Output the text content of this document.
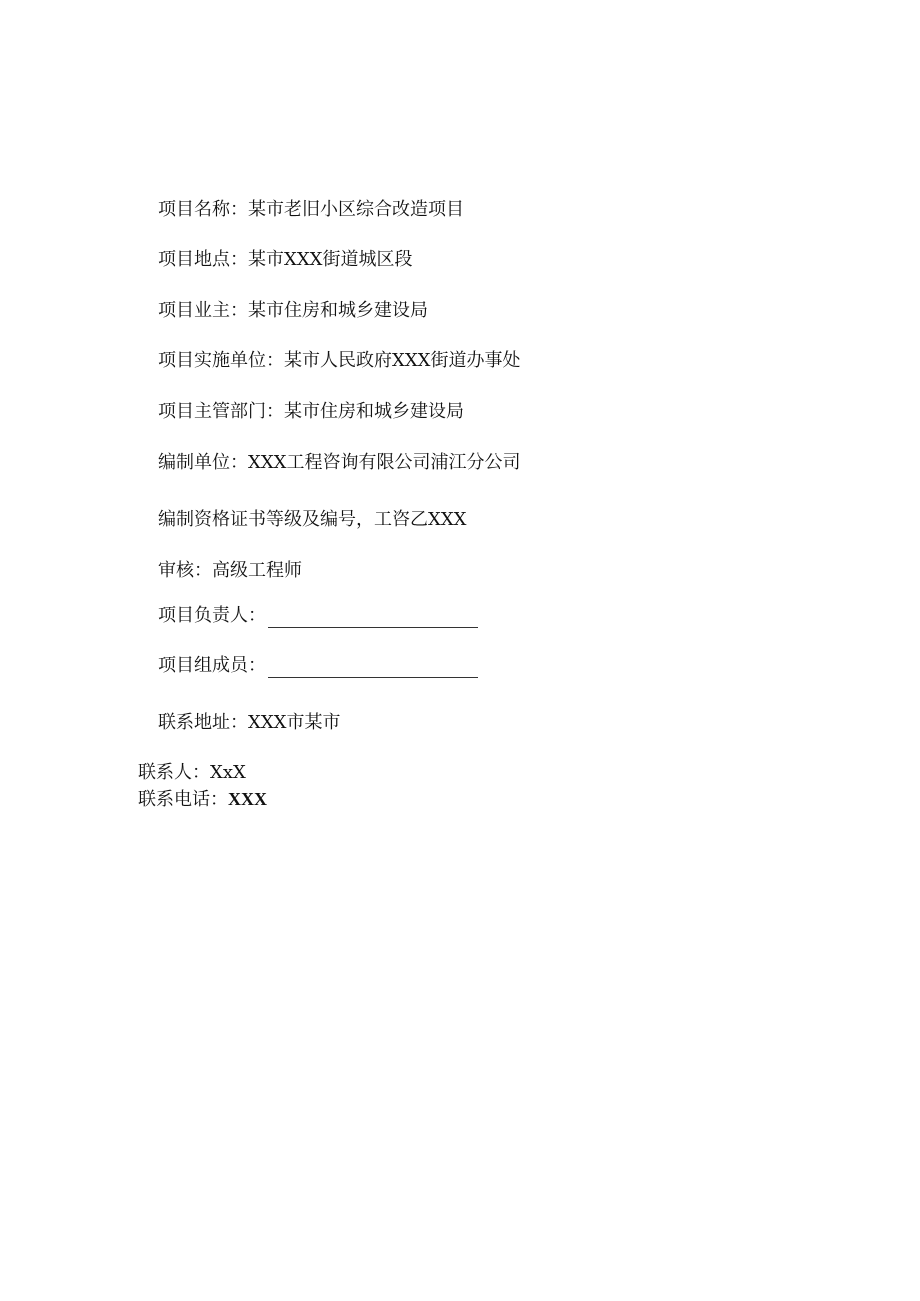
项目名称：某市老旧小区综合改造项目
项目地点：某市XXX街道城区段
项目业主：某市住房和城乡建设局
项目实施单位：某市人民政府XXX街道办事处
项目主管部门：某市住房和城乡建设局
编制单位：XXX工程咨询有限公司浦江分公司
编制资格证书等级及编号，工咨乙XXX
审核：高级工程师
项目负责人：
项目组成员：
联系地址：XXX市某市
联系人：XxX
联系电话：XXX
